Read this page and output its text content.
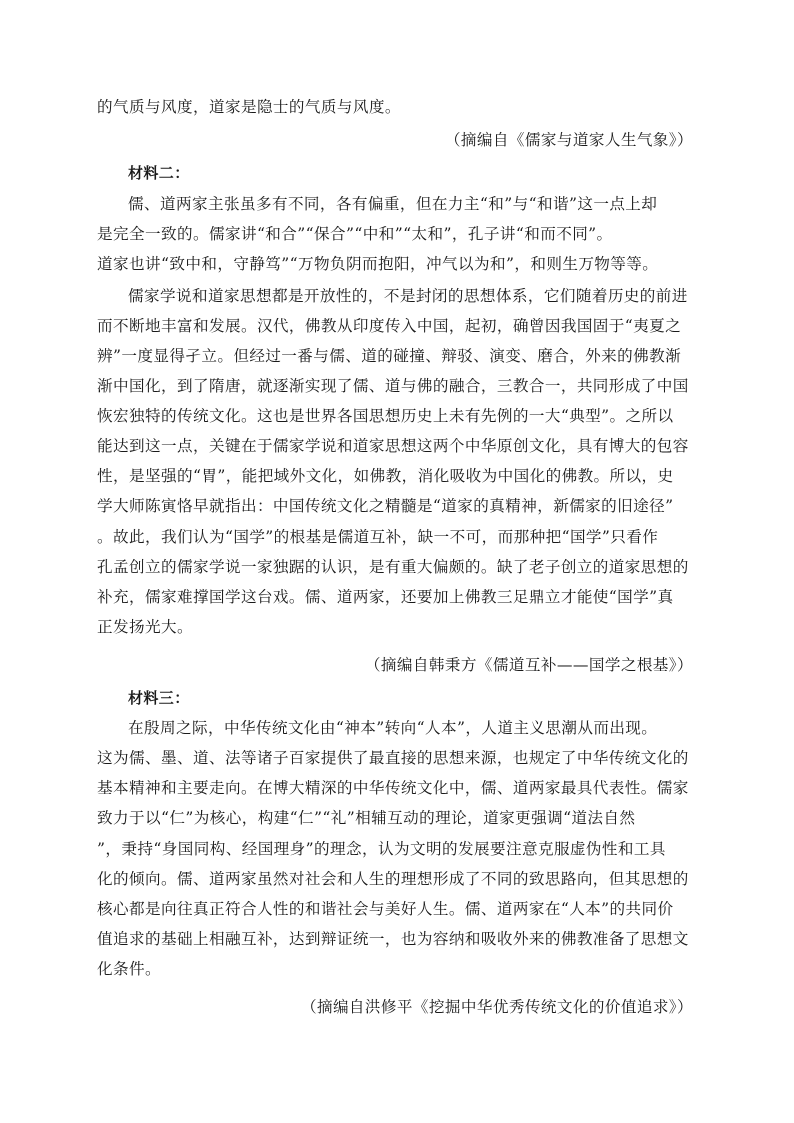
的气质与风度，道家是隐士的气质与风度。
（摘编自《儒家与道家人生气象》）
材料二：
儒、道两家主张虽多有不同，各有偏重，但在力主“和”与“和谐”这一点上却
是完全一致的。儒家讲“和合”“保合”“中和”“太和”，孔子讲“和而不同”。
道家也讲“致中和，守静笃”“万物负阴而抱阳，冲气以为和”，和则生万物等等。
儒家学说和道家思想都是开放性的，不是封闭的思想体系，它们随着历史的前进
而不断地丰富和发展。汉代，佛教从印度传入中国，起初，确曾因我国固于“夷夏之
辨”一度显得孑立。但经过一番与儒、道的碰撞、辩驳、演变、磨合，外来的佛教渐
渐中国化，到了隋唐，就逐渐实现了儒、道与佛的融合，三教合一，共同形成了中国
恢宏独特的传统文化。这也是世界各国思想历史上未有先例的一大“典型”。之所以
能达到这一点，关键在于儒家学说和道家思想这两个中华原创文化，具有博大的包容
性，是坚强的“胃”，能把域外文化，如佛教，消化吸收为中国化的佛教。所以，史
学大师陈寅恪早就指出：中国传统文化之精髓是“道家的真精神，新儒家的旧途径”
。故此，我们认为“国学”的根基是儒道互补，缺一不可，而那种把“国学”只看作
孔孟创立的儒家学说一家独踞的认识，是有重大偏颇的。缺了老子创立的道家思想的
补充，儒家难撑国学这台戏。儒、道两家，还要加上佛教三足鼎立才能使“国学”真
正发扬光大。
（摘编自韩秉方《儒道互补——国学之根基》）
材料三：
在殷周之际，中华传统文化由“神本”转向“人本”，人道主义思潮从而出现。
这为儒、墨、道、法等诸子百家提供了最直接的思想来源，也规定了中华传统文化的
基本精神和主要走向。在博大精深的中华传统文化中，儒、道两家最具代表性。儒家
致力于以“仁”为核心，构建“仁”“礼”相辅互动的理论，道家更强调“道法自然
”，秉持“身国同构、经国理身”的理念，认为文明的发展要注意克服虚伪性和工具
化的倾向。儒、道两家虽然对社会和人生的理想形成了不同的致思路向，但其思想的
核心都是向往真正符合人性的和谐社会与美好人生。儒、道两家在“人本”的共同价
值追求的基础上相融互补，达到辩证统一，也为容纳和吸收外来的佛教准备了思想文
化条件。
（摘编自洪修平《挖掘中华优秀传统文化的价值追求》）
